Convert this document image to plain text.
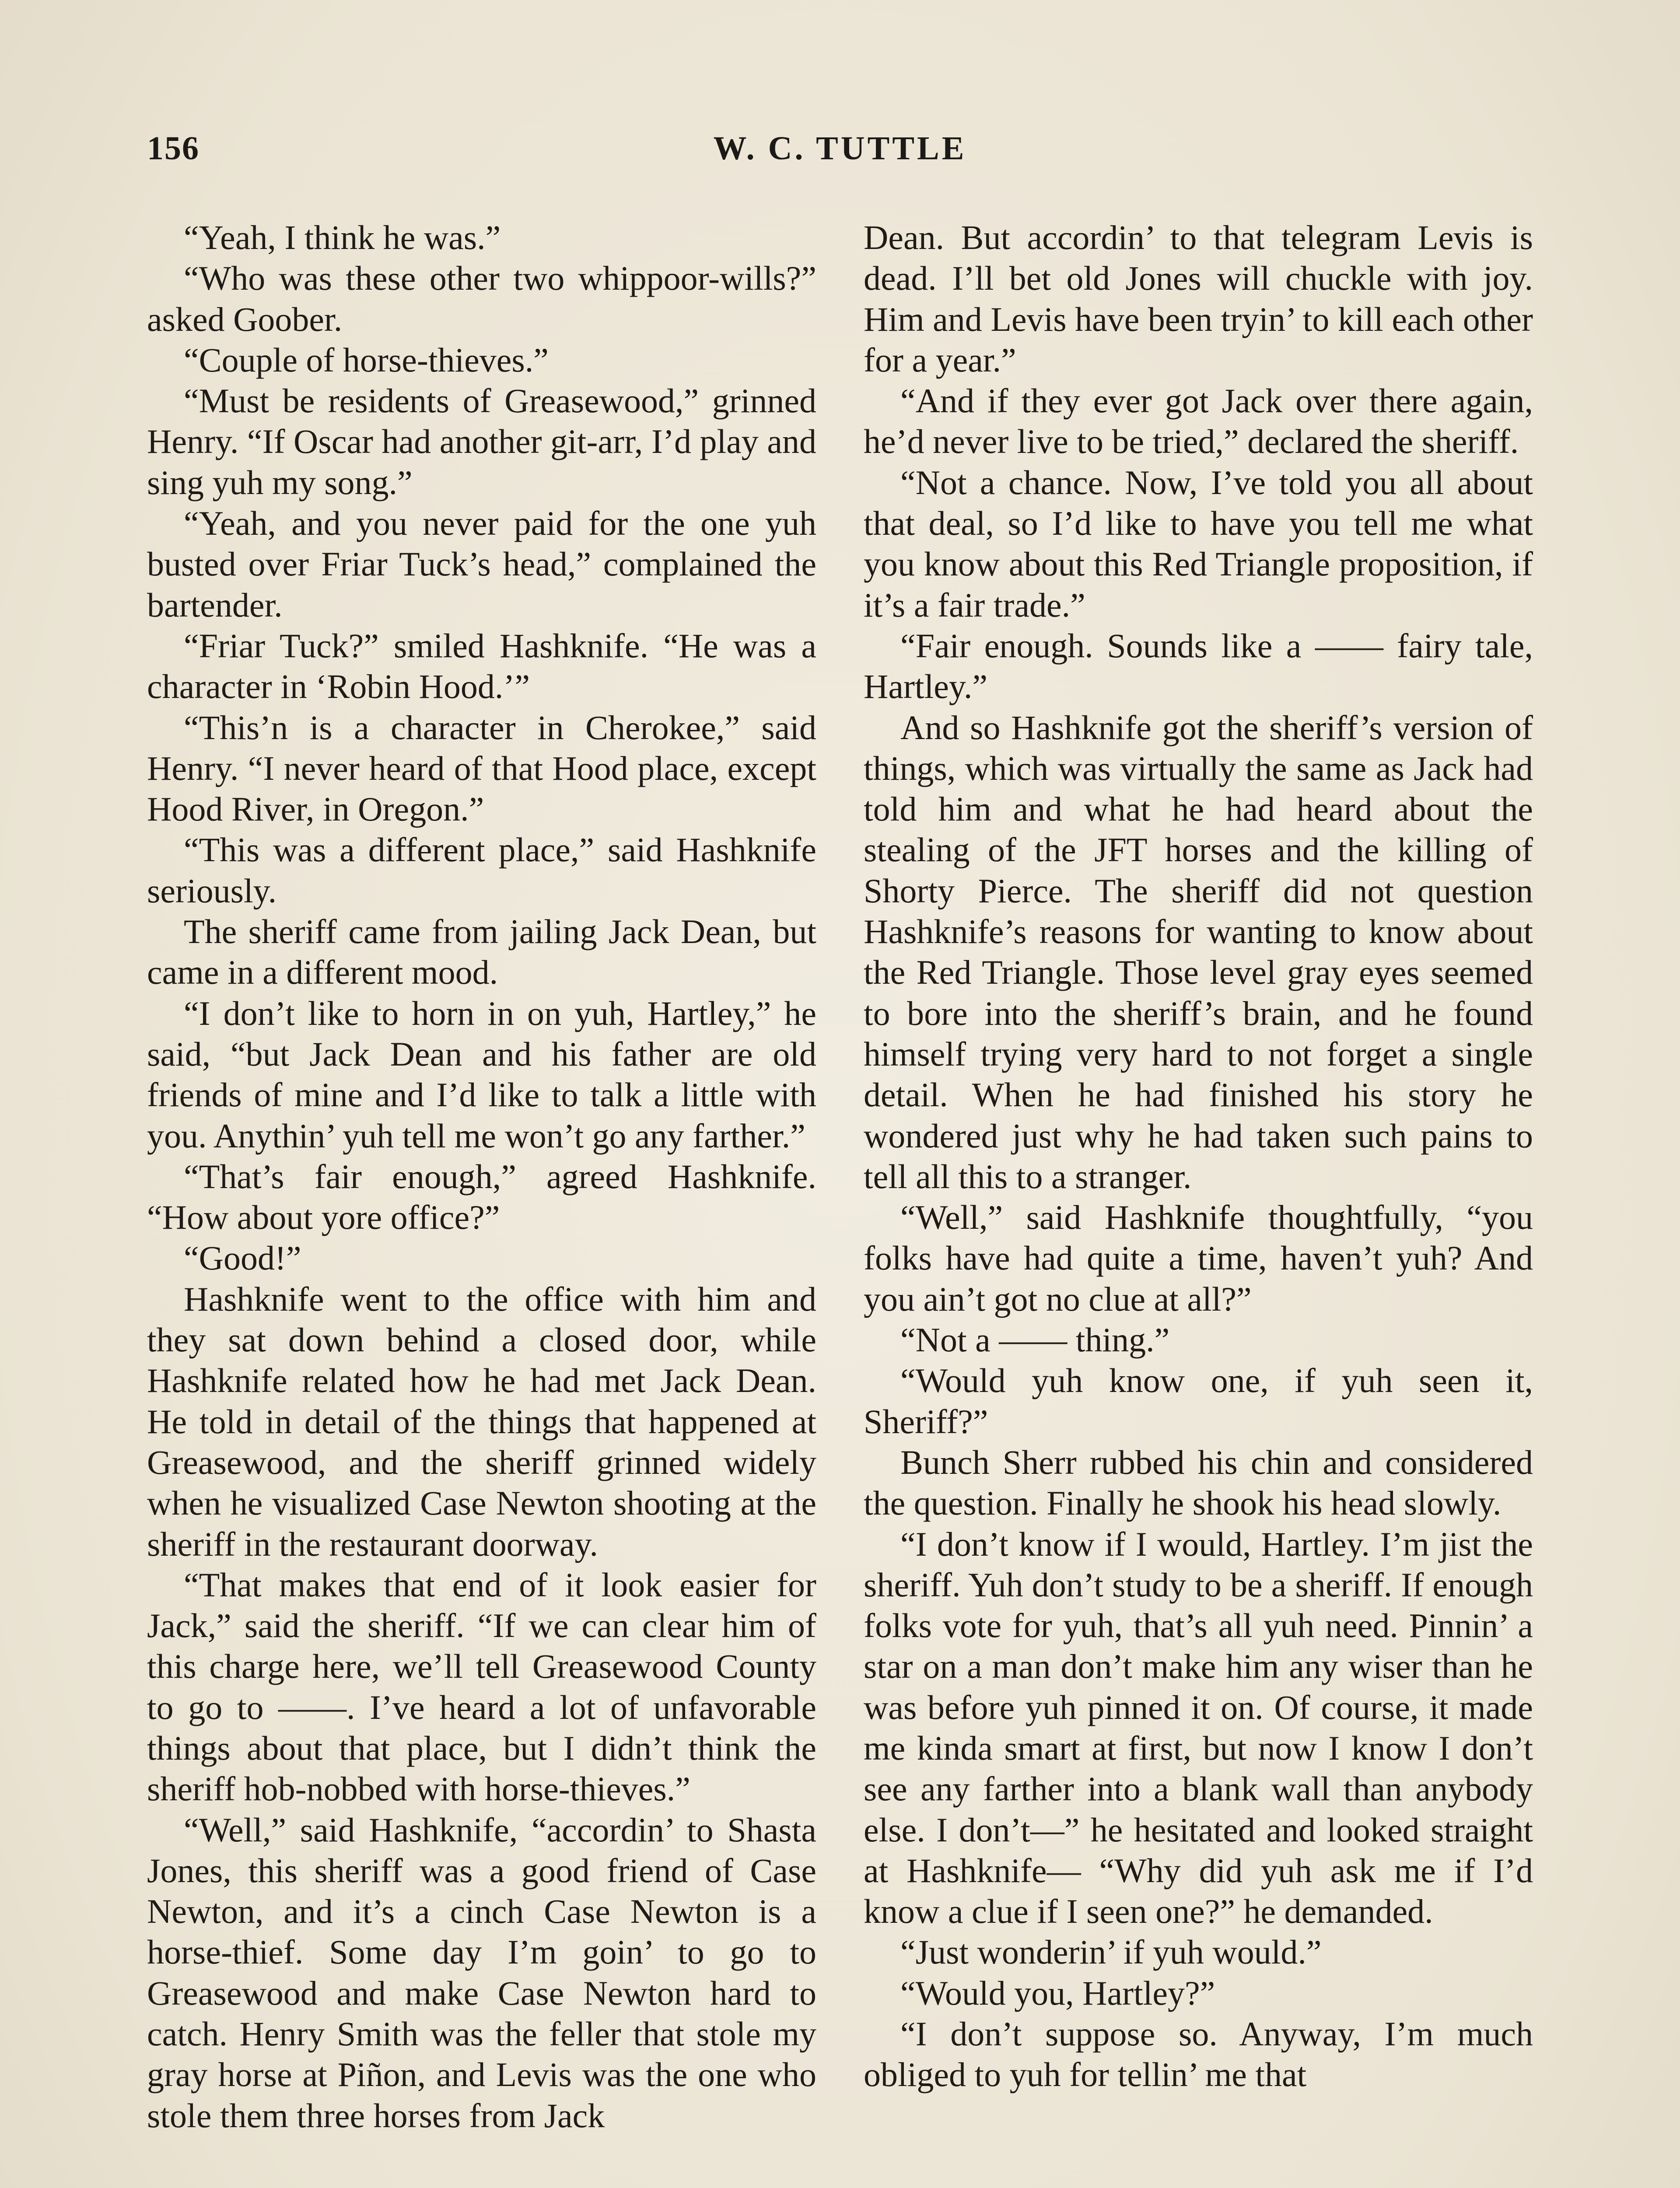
156	W. C. TUTTLE

“Yeah, I think he was.”

“Who was these other two whippoor-wills?” asked Goober.

“Couple of horse-thieves.”

“Must be residents of Greasewood,” grinned Henry. “If Oscar had another git-arr, I’d play and sing yuh my song.”

“Yeah, and you never paid for the one yuh busted over Friar Tuck’s head,” complained the bartender.

“Friar Tuck?” smiled Hashknife. “He was a character in ‘Robin Hood.’”

“This’n is a character in Cherokee,” said Henry. “I never heard of that Hood place, except Hood River, in Oregon.”

“This was a different place,” said Hashknife seriously.

The sheriff came from jailing Jack Dean, but came in a different mood.

“I don’t like to horn in on yuh, Hartley,” he said, “but Jack Dean and his father are old friends of mine and I’d like to talk a little with you. Anythin’ yuh tell me won’t go any farther.”

“That’s fair enough,” agreed Hashknife. “How about yore office?”

“Good!”

Hashknife went to the office with him and they sat down behind a closed door, while Hashknife related how he had met Jack Dean. He told in detail of the things that happened at Greasewood, and the sheriff grinned widely when he visualized Case Newton shooting at the sheriff in the restaurant doorway.

“That makes that end of it look easier for Jack,” said the sheriff. “If we can clear him of this charge here, we’ll tell Greasewood County to go to ——. I’ve heard a lot of unfavorable things about that place, but I didn’t think the sheriff hob-nobbed with horse-thieves.”

“Well,” said Hashknife, “accordin’ to Shasta Jones, this sheriff was a good friend of Case Newton, and it’s a cinch Case Newton is a horse-thief. Some day I’m goin’ to go to Greasewood and make Case Newton hard to catch. Henry Smith was the feller that stole my gray horse at Piñon, and Levis was the one who stole them three horses from Jack

Dean. But accordin’ to that telegram Levis is dead. I’ll bet old Jones will chuckle with joy. Him and Levis have been tryin’ to kill each other for a year.”

“And if they ever got Jack over there again, he’d never live to be tried,” declared the sheriff.

“Not a chance. Now, I’ve told you all about that deal, so I’d like to have you tell me what you know about this Red Triangle proposition, if it’s a fair trade.”

“Fair enough. Sounds like a —— fairy tale, Hartley.”

And so Hashknife got the sheriff’s version of things, which was virtually the same as Jack had told him and what he had heard about the stealing of the JFT horses and the killing of Shorty Pierce. The sheriff did not question Hashknife’s reasons for wanting to know about the Red Triangle. Those level gray eyes seemed to bore into the sheriff’s brain, and he found himself trying very hard to not forget a single detail. When he had finished his story he wondered just why he had taken such pains to tell all this to a stranger.

“Well,” said Hashknife thoughtfully, “you folks have had quite a time, haven’t yuh? And you ain’t got no clue at all?”

“Not a —— thing.”

“Would yuh know one, if yuh seen it, Sheriff?”

Bunch Sherr rubbed his chin and considered the question. Finally he shook his head slowly.

“I don’t know if I would, Hartley. I’m jist the sheriff. Yuh don’t study to be a sheriff. If enough folks vote for yuh, that’s all yuh need. Pinnin’ a star on a man don’t make him any wiser than he was before yuh pinned it on. Of course, it made me kinda smart at first, but now I know I don’t see any farther into a blank wall than anybody else. I don’t—” he hesitated and looked straight at Hashknife— “Why did yuh ask me if I’d know a clue if I seen one?” he demanded.

“Just wonderin’ if yuh would.”

“Would you, Hartley?”

“I don’t suppose so. Anyway, I’m much obliged to yuh for tellin’ me that
